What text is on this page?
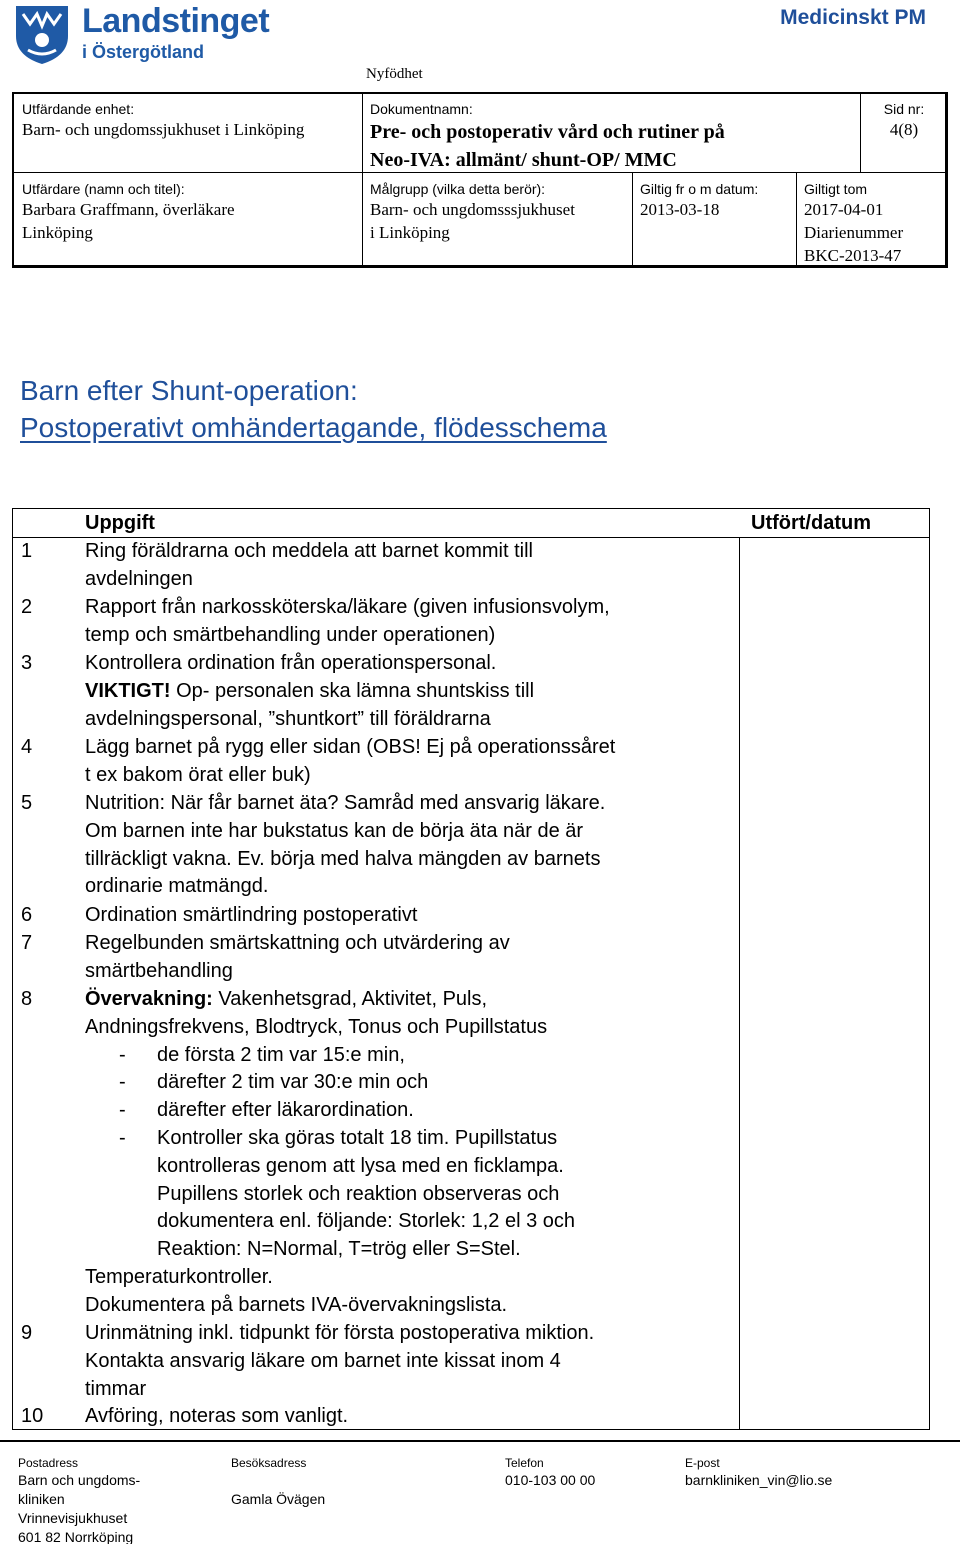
Landstinget
i Östergötland
Medicinskt PM
Nyfödhet
Utfärdande enhet:
Barn- och ungdomssjukhuset i Linköping
Dokumentnamn:
Pre- och postoperativ vård och rutiner på
Neo-IVA: allmänt/ shunt-OP/ MMC
Sid nr:
4(8)
Utfärdare (namn och titel):
Barbara Graffmann, överläkare
Linköping
Målgrupp (vilka detta berör):
Barn- och ungdomsssjukhuset
i Linköping
Giltig fr o m datum:
2013-03-18
Giltigt tom
2017-04-01
Diarienummer
BKC-2013-47
Barn efter Shunt-operation:
Postoperativt omhändertagande, flödesschema
Uppgift	Utfört/datum
1	Ring föräldrarna och meddela att barnet kommit till
avdelningen
2	Rapport från narkossköterska/läkare (given infusionsvolym,
temp och smärtbehandling under operationen)
3	Kontrollera ordination från operationspersonal.
VIKTIGT! Op- personalen ska lämna shuntskiss till
avdelningspersonal, ”shuntkort” till föräldrarna
4	Lägg barnet på rygg eller sidan (OBS! Ej på operationssåret
t ex bakom örat eller buk)
5	Nutrition: När får barnet äta? Samråd med ansvarig läkare.
Om barnen inte har bukstatus kan de börja äta när de är
tillräckligt vakna. Ev. börja med halva mängden av barnets
ordinarie matmängd.
6	Ordination smärtlindring postoperativt
7	Regelbunden smärtskattning och utvärdering av
smärtbehandling
8	Övervakning: Vakenhetsgrad, Aktivitet, Puls,
Andningsfrekvens, Blodtryck, Tonus och Pupillstatus
- de första 2 tim var 15:e min,
- därefter 2 tim var 30:e min och
- därefter efter läkarordination.
- Kontroller ska göras totalt 18 tim. Pupillstatus
kontrolleras genom att lysa med en ficklampa.
Pupillens storlek och reaktion observeras och
dokumentera enl. följande: Storlek: 1,2 el 3 och
Reaktion: N=Normal, T=trög eller S=Stel.
Temperaturkontroller.
Dokumentera på barnets IVA-övervakningslista.
9	Urinmätning inkl. tidpunkt för första postoperativa miktion.
Kontakta ansvarig läkare om barnet inte kissat inom 4
timmar
10 Avföring, noteras som vanligt.
Postadress
Barn och ungdoms-
kliniken
Vrinnevisjukhuset
601 82 Norrköping
Besöksadress
Gamla Övägen
Telefon
010-103 00 00
E-post
barnkliniken_vin@lio.se
